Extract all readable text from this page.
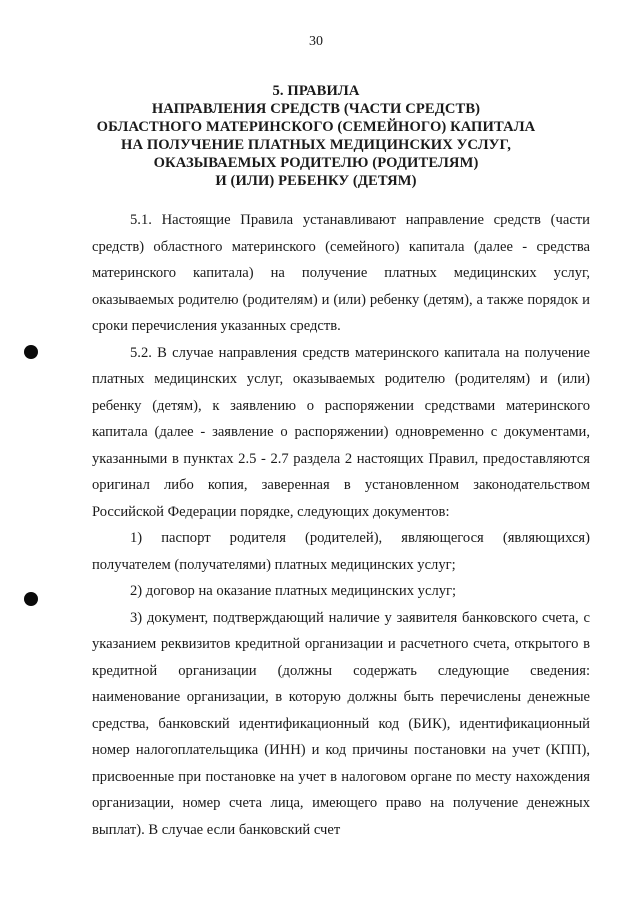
30
5. ПРАВИЛА
НАПРАВЛЕНИЯ СРЕДСТВ (ЧАСТИ СРЕДСТВ)
ОБЛАСТНОГО МАТЕРИНСКОГО (СЕМЕЙНОГО) КАПИТАЛА
НА ПОЛУЧЕНИЕ ПЛАТНЫХ МЕДИЦИНСКИХ УСЛУГ,
ОКАЗЫВАЕМЫХ РОДИТЕЛЮ (РОДИТЕЛЯМ)
И (ИЛИ) РЕБЕНКУ (ДЕТЯМ)

5.1. Настоящие Правила устанавливают направление средств (части средств) областного материнского (семейного) капитала (далее - средства материнского капитала) на получение платных медицинских услуг, оказываемых родителю (родителям) и (или) ребенку (детям), а также порядок и сроки перечисления указанных средств.

5.2. В случае направления средств материнского капитала на получение платных медицинских услуг, оказываемых родителю (родителям) и (или) ребенку (детям), к заявлению о распоряжении средствами материнского капитала (далее - заявление о распоряжении) одновременно с документами, указанными в пунктах 2.5 - 2.7 раздела 2 настоящих Правил, предоставляются оригинал либо копия, заверенная в установленном законодательством Российской Федерации порядке, следующих документов:

1) паспорт родителя (родителей), являющегося (являющихся) получателем (получателями) платных медицинских услуг;

2) договор на оказание платных медицинских услуг;

3) документ, подтверждающий наличие у заявителя банковского счета, с указанием реквизитов кредитной организации и расчетного счета, открытого в кредитной организации (должны содержать следующие сведения: наименование организации, в которую должны быть перечислены денежные средства, банковский идентификационный код (БИК), идентификационный номер налогоплательщика (ИНН) и код причины постановки на учет (КПП), присвоенные при постановке на учет в налоговом органе по месту нахождения организации, номер счета лица, имеющего право на получение денежных выплат). В случае если банковский счет
